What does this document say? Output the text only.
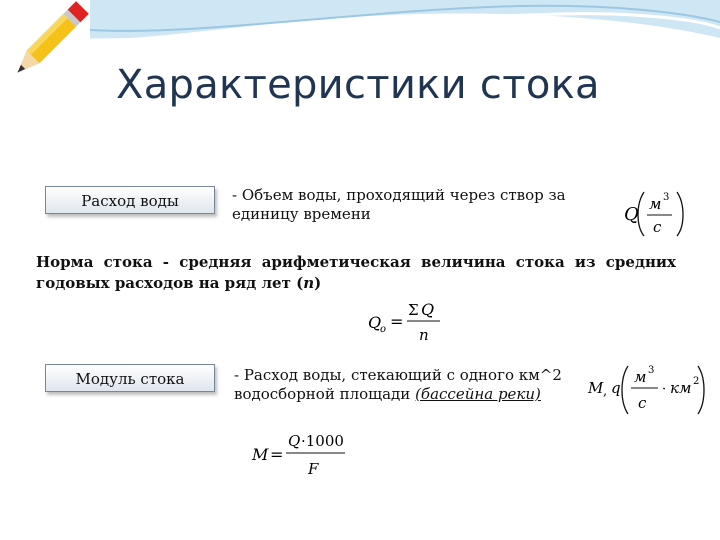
Характеристики стока
Расход воды	- Объем воды, проходящий через створ за единицу времени	Q м 3
с
Норма стока - средняя арифметическая величина стока из средних годовых расходов на ряд лет (n)
Q
o =
Σ Q
n
Модуль стока	- Расход воды, стекающий с одного км^2 водосборной площади (бассейна реки)	M , q
м 3
с
· км 2
M =
Q ·1000
F
